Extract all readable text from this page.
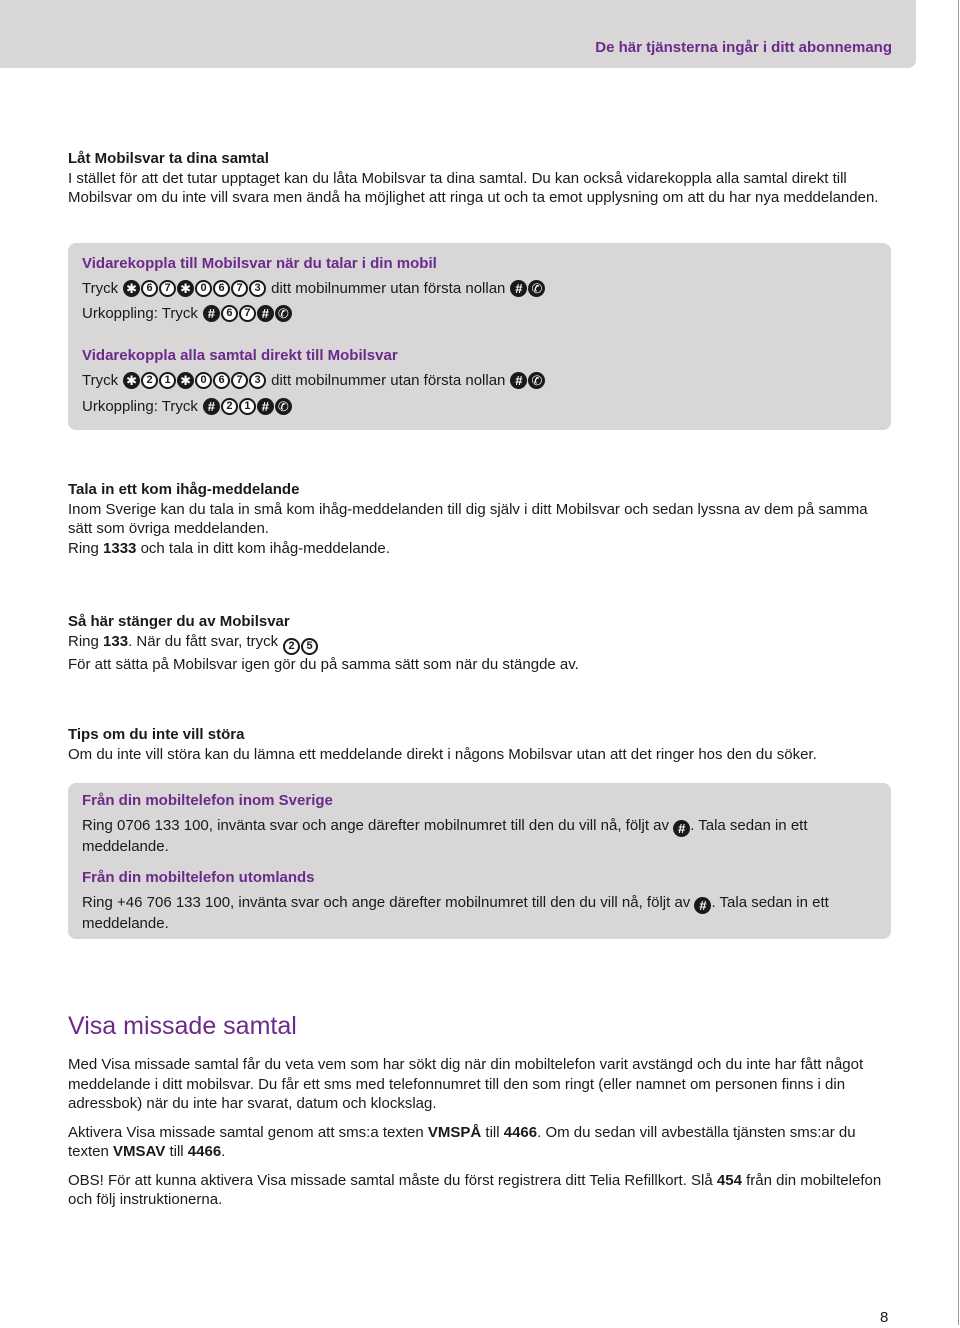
De här tjänsterna ingår i ditt abonnemang

Låt Mobilsvar ta dina samtal

I stället för att det tutar upptaget kan du låta Mobilsvar ta dina samtal. Du kan också vidarekoppla alla samtal direkt till Mobilsvar om du inte vill svara men ändå ha möjlighet att ringa ut och ta emot upplysning om att du har nya meddelanden.

Vidarekoppla till Mobilsvar när du talar i din mobil
Tryck ✱ 6	7 ✱ 0	6	7	3 ditt mobilnummer utan första nollan # ✆
Urkoppling: Tryck #	6	7 # ✆
Vidarekoppla alla samtal direkt till Mobilsvar
Tryck ✱ 2	1 ✱ 0	6	7	3 ditt mobilnummer utan första nollan # ✆
Urkoppling: Tryck #	2	1 # ✆

Tala in ett kom ihåg-meddelande

Inom Sverige kan du tala in små kom ihåg-meddelanden till dig själv i ditt Mobilsvar och sedan lyssna av dem på samma sätt som övriga meddelanden.

Ring 1333 och tala in ditt kom ihåg-meddelande.

Så här stänger du av Mobilsvar

Ring 133. När du fått svar, tryck 2	5

För att sätta på Mobilsvar igen gör du på samma sätt som när du stängde av.

Tips om du inte vill störa

Om du inte vill störa kan du lämna ett meddelande direkt i någons Mobilsvar utan att det ringer hos den du söker.

Från din mobiltelefon inom Sverige

Ring 0706 133 100, invänta svar och ange därefter mobilnumret till den du vill nå, följt av # . Tala sedan in ett meddelande.

Från din mobiltelefon utomlands

Ring +46 706 133 100, invänta svar och ange därefter mobilnumret till den du vill nå, följt av # . Tala sedan in ett meddelande.

Visa missade samtal

Med Visa missade samtal får du veta vem som har sökt dig när din mobiltelefon varit avstängd och du inte har fått något meddelande i ditt mobilsvar. Du får ett sms med telefonnumret till den som ringt (eller namnet om personen finns i din adressbok) när du inte har svarat, datum och klockslag.

Aktivera Visa missade samtal genom att sms:a texten VMSPÅ till 4466. Om du sedan vill avbeställa tjänsten sms:ar du texten VMSAV till 4466.

OBS! För att kunna aktivera Visa missade samtal måste du först registrera ditt Telia Refillkort. Slå 454 från din mobiltelefon och följ instruktionerna.

8
